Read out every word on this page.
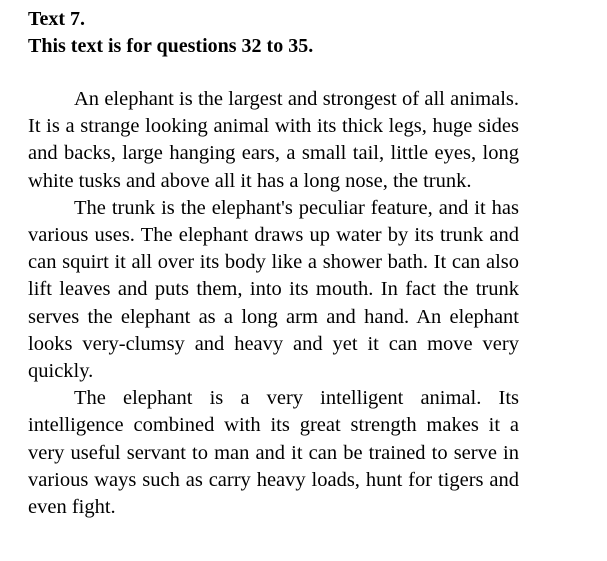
Text 7.

This text is for questions 32 to 35.

An elephant is the largest and strongest of all animals. It is a strange looking animal with its thick legs, huge sides and backs, large hanging ears, a small tail, little eyes, long white tusks and above all it has a long nose, the trunk.

The trunk is the elephant's peculiar feature, and it has various uses. The elephant draws up water by its trunk and can squirt it all over its body like a shower bath. It can also lift leaves and puts them, into its mouth. In fact the trunk serves the elephant as a long arm and hand. An elephant looks very-clumsy and heavy and yet it can move very quickly.

The elephant is a very intelligent animal. Its intelligence combined with its great strength makes it a very useful servant to man and it can be trained to serve in various ways such as carry heavy loads, hunt for tigers and even fight.
